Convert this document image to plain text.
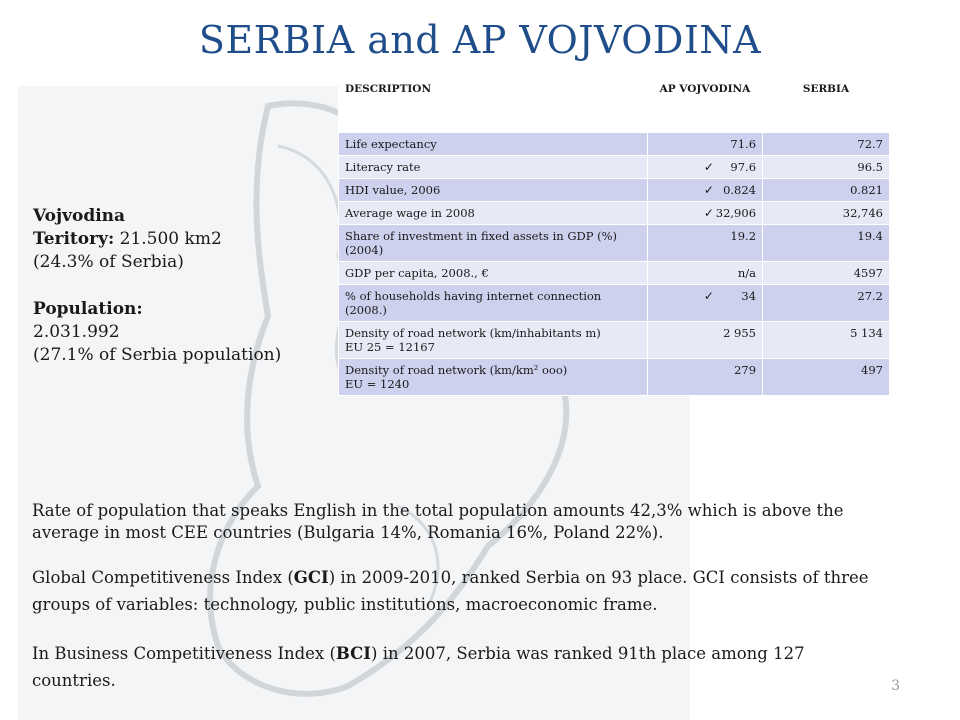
SERBIA and AP VOJVODINA
Vojvodina
Teritory: 21.500 km2
(24.3% of Serbia)
Population:
2.031.992
(27.1% of Serbia population)
DESCRIPTION	AP VOJVODINA	SERBIA
Life expectancy	71.6	72.7
Literacy rate	✓ 97.6	96.5
HDI value, 2006	✓ 0.824	0.821
Average wage in 2008	✓ 32,906	32,746
Share of investment in fixed assets in GDP (%) (2004)	19.2	19.4
GDP per capita, 2008., €	n/a	4597
% of households having internet connection (2008.)	✓ 34	27.2
Density of road network (km/inhabitants m)
EU 25 = 12167	2 955	5 134
Density of road network (km/km² ooo)
EU = 1240	279	497
Rate of population that speaks English in the total population amounts 42,3% which is above the average in most CEE countries (Bulgaria 14%, Romania 16%, Poland 22%).
Global Competitiveness Index (GCI) in 2009-2010, ranked Serbia on 93 place. GCI consists of three groups of variables: technology, public institutions, macroeconomic frame.
In Business Competitiveness Index (BCI) in 2007, Serbia was ranked 91th place among 127 countries.	3
